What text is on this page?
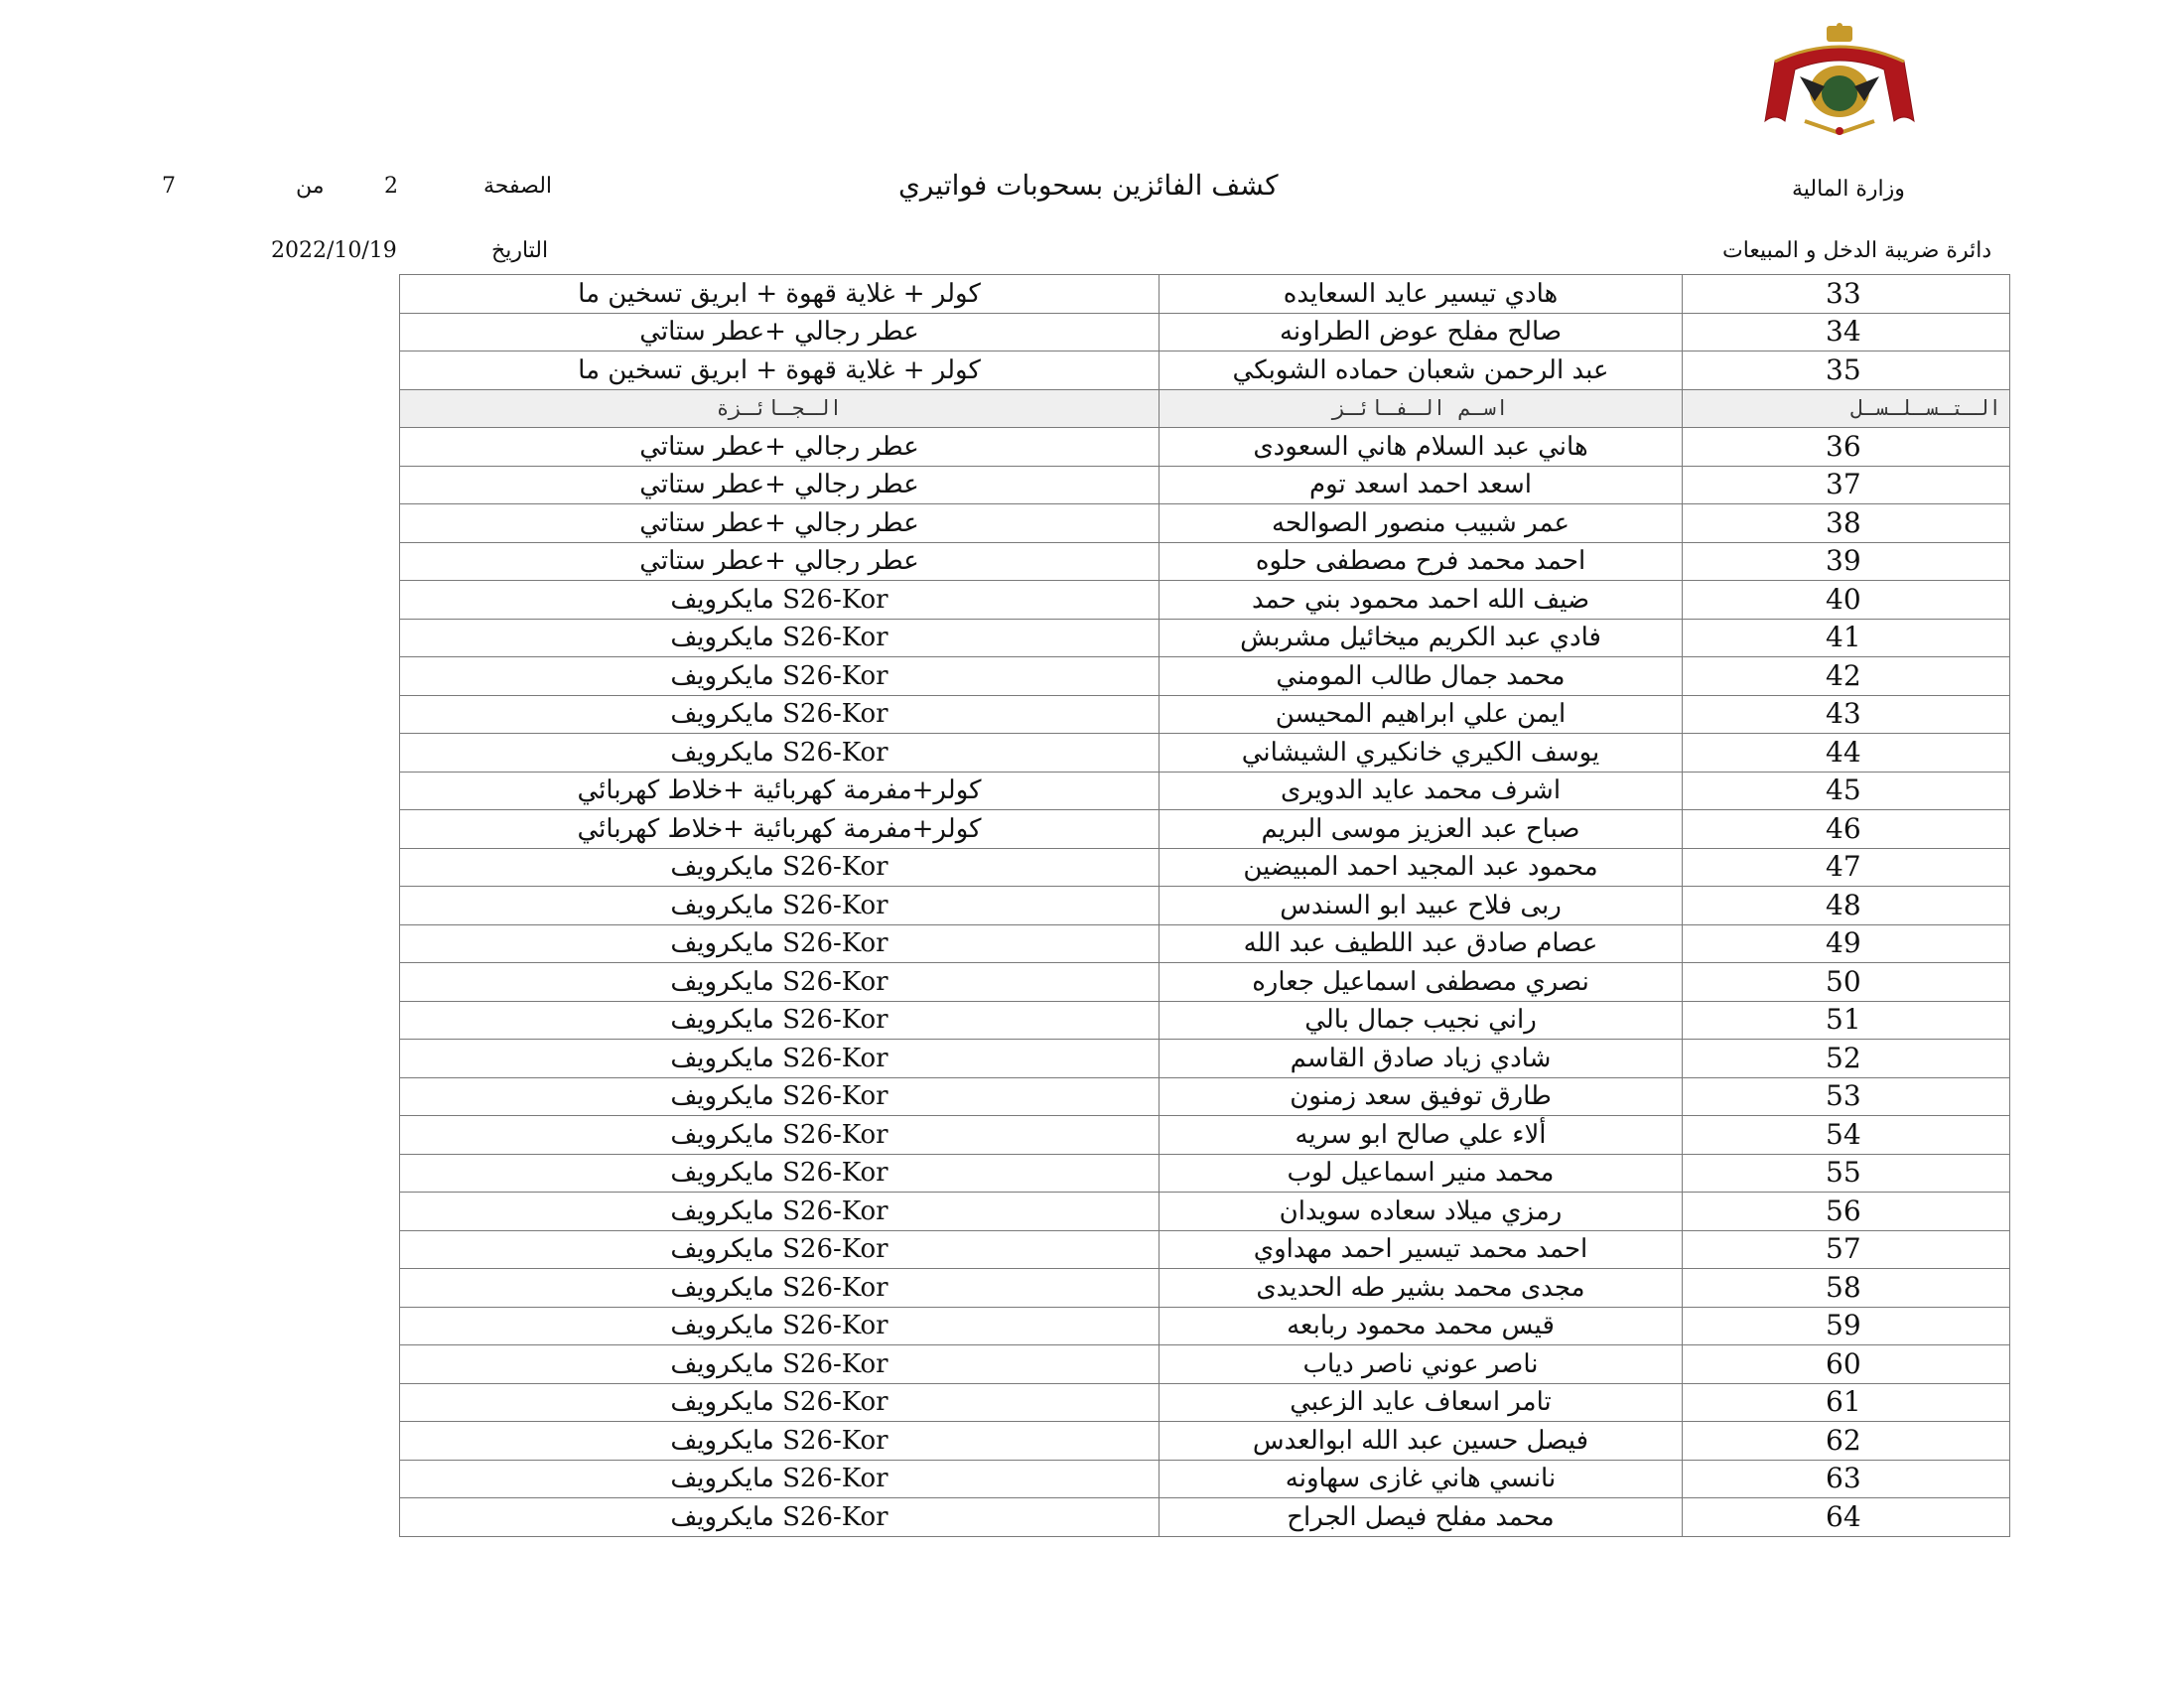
وزارة المالية
دائرة ضريبة الدخل و المبيعات
كشف الفائزين بسحوبات فواتيري
الصفحة
2
من
7
التاريخ
2022/10/19
كولر + غلاية قهوة + ابريق تسخين ما	هادي تيسير عايد السعايده	33
عطر رجالي +عطر ستاتي	صالح مفلح عوض الطراونه	34
كولر + غلاية قهوة + ابريق تسخين ما	عبد الرحمن شعبان حماده الشوبكي	35
الـجـائـزة	اسـم الـفـائـز	الـتـسـلـسـل
عطر رجالي +عطر ستاتي	هاني عبد السلام هاني السعودى	36
عطر رجالي +عطر ستاتي	اسعد احمد اسعد توم	37
عطر رجالي +عطر ستاتي	عمر شبيب منصور الصوالحه	38
عطر رجالي +عطر ستاتي	احمد محمد فرح مصطفى حلوه	39
مايكرويف S26-Kor	ضيف الله احمد محمود بني حمد	40
مايكرويف S26-Kor	فادي عبد الكريم ميخائيل مشربش	41
مايكرويف S26-Kor	محمد جمال طالب المومني	42
مايكرويف S26-Kor	ايمن علي ابراهيم المحيسن	43
مايكرويف S26-Kor	يوسف الكيري خانكيري الشيشاني	44
كولر+مفرمة كهربائية +خلاط كهربائي	اشرف محمد عايد الدويرى	45
كولر+مفرمة كهربائية +خلاط كهربائي	صباح عبد العزيز موسى البريم	46
مايكرويف S26-Kor	محمود عبد المجيد احمد المبيضين	47
مايكرويف S26-Kor	ربى فلاح عبيد ابو السندس	48
مايكرويف S26-Kor	عصام صادق عبد اللطيف عبد الله	49
مايكرويف S26-Kor	نصري مصطفى اسماعيل جعاره	50
مايكرويف S26-Kor	راني نجيب جمال بالي	51
مايكرويف S26-Kor	شادي زياد صادق القاسم	52
مايكرويف S26-Kor	طارق توفيق سعد زمنون	53
مايكرويف S26-Kor	ألاء علي صالح ابو سريه	54
مايكرويف S26-Kor	محمد منير اسماعيل لوب	55
مايكرويف S26-Kor	رمزي ميلاد سعاده سويدان	56
مايكرويف S26-Kor	احمد محمد تيسير احمد مهداوي	57
مايكرويف S26-Kor	مجدى محمد بشير طه الحديدى	58
مايكرويف S26-Kor	قيس محمد محمود ربابعه	59
مايكرويف S26-Kor	ناصر عوني ناصر دياب	60
مايكرويف S26-Kor	تامر اسعاف عايد الزعبي	61
مايكرويف S26-Kor	فيصل حسين عبد الله ابوالعدس	62
مايكرويف S26-Kor	نانسي هاني غازى سهاونه	63
مايكرويف S26-Kor	محمد مفلح فيصل الجراح	64
